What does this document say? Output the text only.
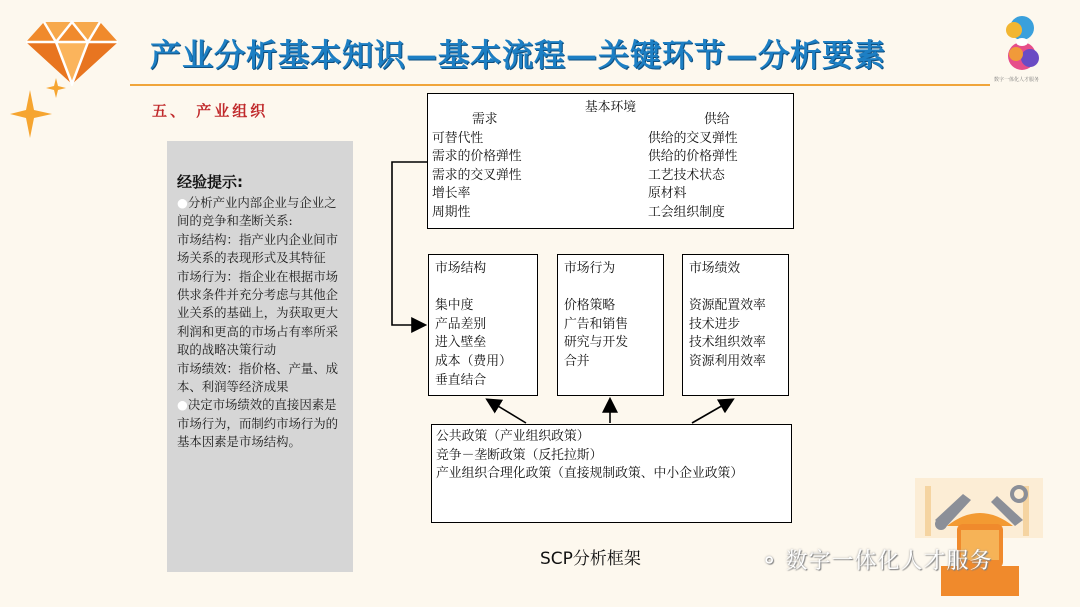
产业分析基本知识—基本流程—关键环节—分析要素
数字一体化人才服务
五、 产业组织
经验提示:
●分析产业内部企业与企业之间的竞争和垄断关系:
市场结构：指产业内企业间市场关系的表现形式及其特征
市场行为：指企业在根据市场供求条件并充分考虑与其他企业关系的基础上，为获取更大利润和更高的市场占有率所采取的战略决策行动
市场绩效：指价格、产量、成本、利润等经济成果
●决定市场绩效的直接因素是市场行为，而制约市场行为的基本因素是市场结构。
基本环境
需求
可替代性
需求的价格弹性
需求的交叉弹性
增长率
周期性
供给
供给的交叉弹性
供给的价格弹性
工艺技术状态
原材料
工会组织制度
市场结构

集中度
产品差别
进入壁垒
成本（费用）
垂直结合
市场行为

价格策略
广告和销售
研究与开发
合并
市场绩效

资源配置效率
技术进步
技术组织效率
资源利用效率
公共政策（产业组织政策）
竞争－垄断政策（反托拉斯）
产业组织合理化政策（直接规制政策、中小企业政策）
SCP分析框架	⚬ 数字一体化人才服务
